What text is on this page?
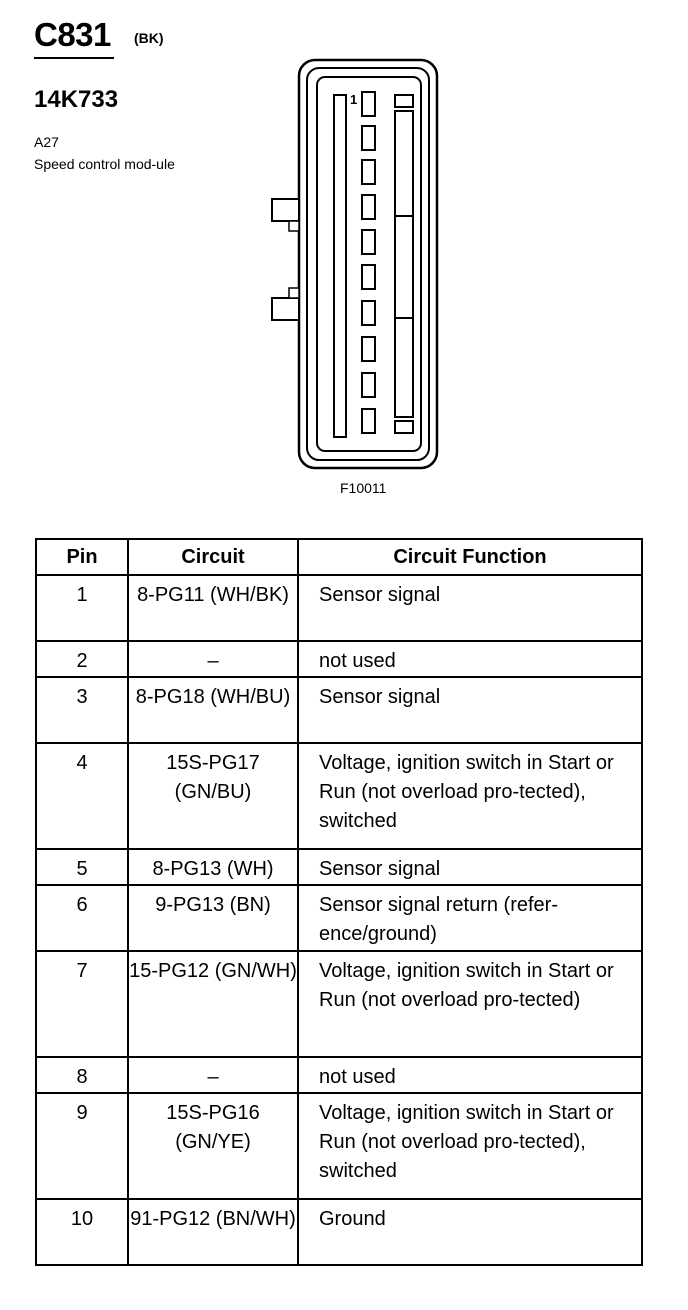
C831 (BK)
14K733
A27
Speed control mod-ule
1
F10011
Pin	Circuit	Circuit Function
1	8-PG11 (WH/BK)	Sensor signal
2	–	not used
3	8-PG18 (WH/BU)	Sensor signal
4	15S-PG17 (GN/BU)	Voltage, ignition switch in Start or Run (not overload pro-tected), switched
5	8-PG13 (WH)	Sensor signal
6	9-PG13 (BN)	Sensor signal return (refer-ence/ground)
7	15-PG12 (GN/WH)	Voltage, ignition switch in Start or Run (not overload pro-tected)
8	–	not used
9	15S-PG16 (GN/YE)	Voltage, ignition switch in Start or Run (not overload pro-tected), switched
10	91-PG12 (BN/WH)	Ground
